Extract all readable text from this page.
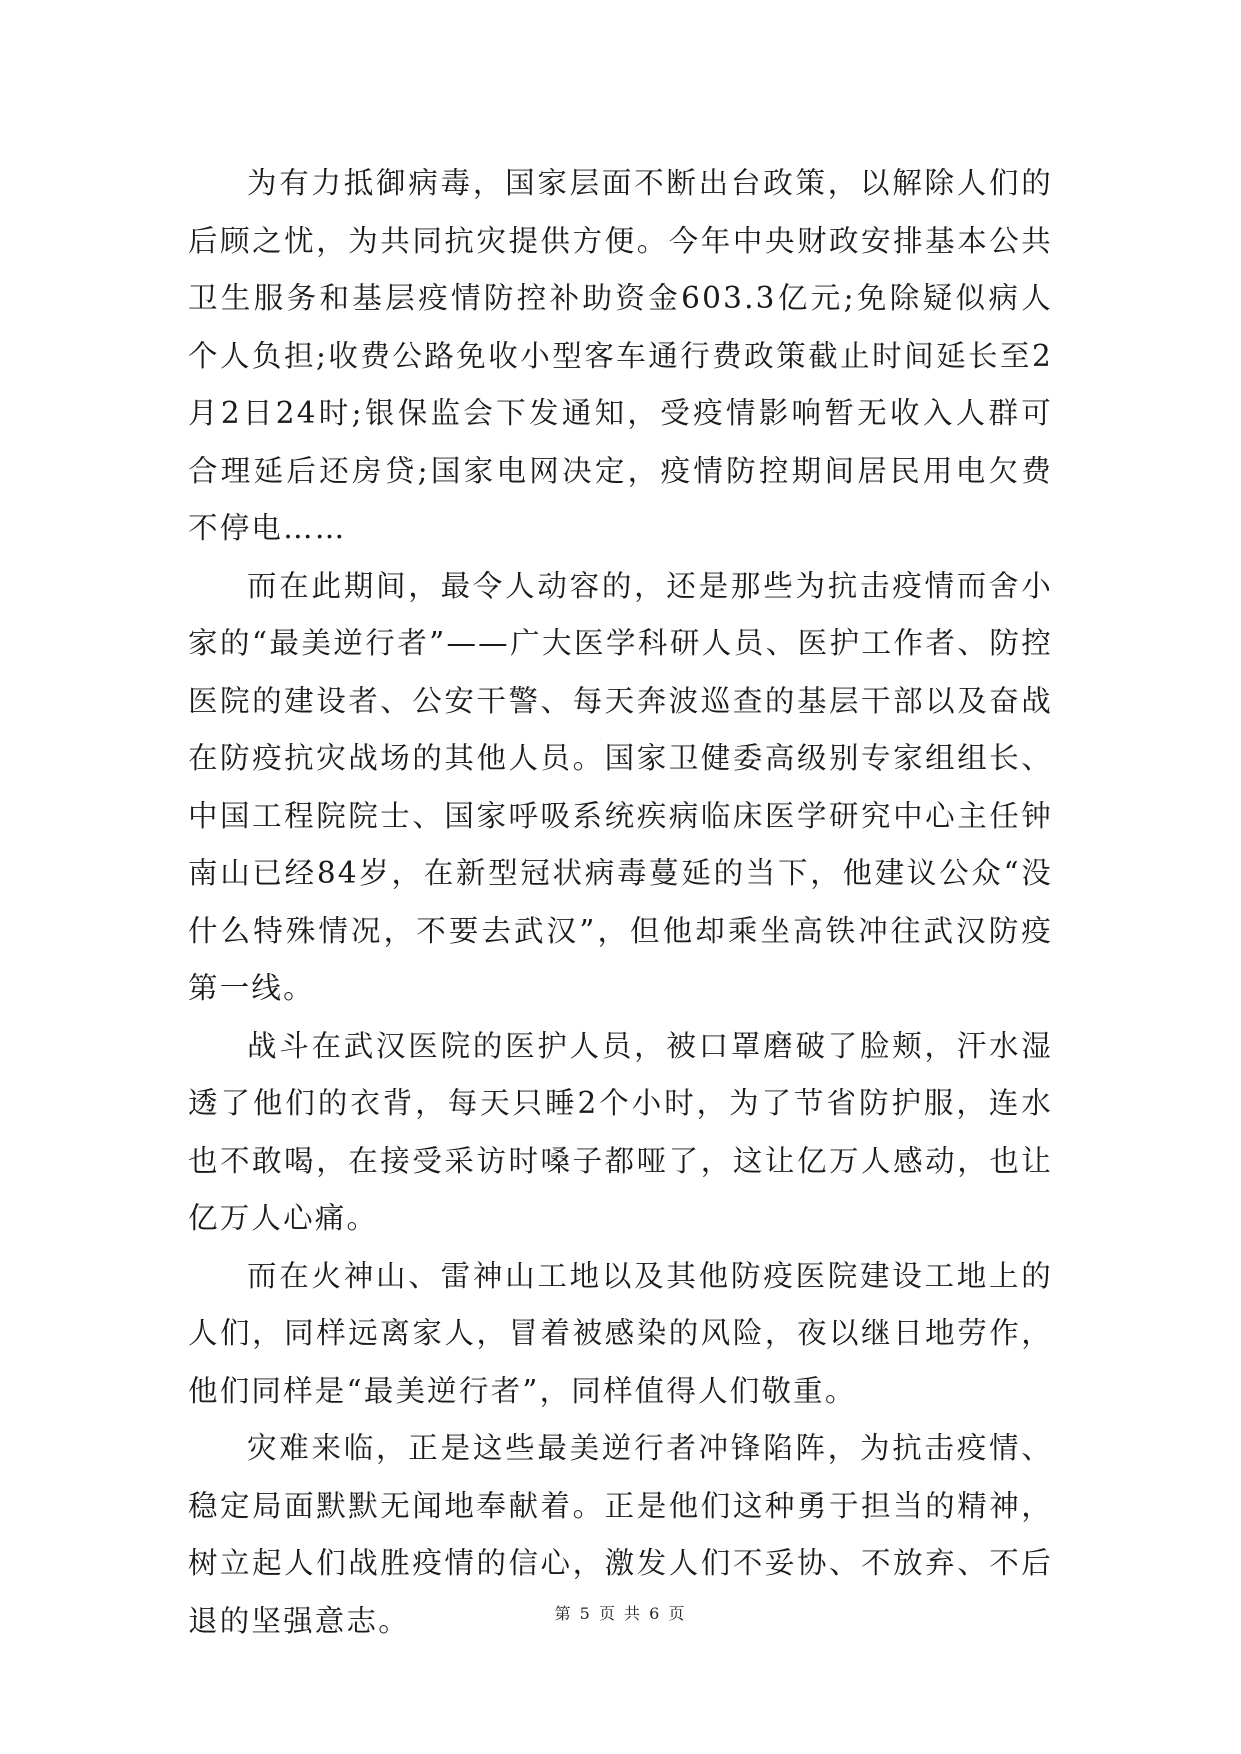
为有力抵御病毒，国家层面不断出台政策，以解除人们的后顾之忧，为共同抗灾提供方便。今年中央财政安排基本公共卫生服务和基层疫情防控补助资金603.3亿元;免除疑似病人个人负担;收费公路免收小型客车通行费政策截止时间延长至2月2日24时;银保监会下发通知，受疫情影响暂无收入人群可合理延后还房贷;国家电网决定，疫情防控期间居民用电欠费不停电……

而在此期间，最令人动容的，还是那些为抗击疫情而舍小家的“最美逆行者”——广大医学科研人员、医护工作者、防控医院的建设者、公安干警、每天奔波巡查的基层干部以及奋战在防疫抗灾战场的其他人员。国家卫健委高级别专家组组长、中国工程院院士、国家呼吸系统疾病临床医学研究中心主任钟南山已经84岁，在新型冠状病毒蔓延的当下，他建议公众“没什么特殊情况，不要去武汉”，但他却乘坐高铁冲往武汉防疫第一线。

战斗在武汉医院的医护人员，被口罩磨破了脸颊，汗水湿透了他们的衣背，每天只睡2个小时，为了节省防护服，连水也不敢喝，在接受采访时嗓子都哑了，这让亿万人感动，也让亿万人心痛。

而在火神山、雷神山工地以及其他防疫医院建设工地上的人们，同样远离家人，冒着被感染的风险，夜以继日地劳作，他们同样是“最美逆行者”，同样值得人们敬重。

灾难来临，正是这些最美逆行者冲锋陷阵，为抗击疫情、稳定局面默默无闻地奉献着。正是他们这种勇于担当的精神，树立起人们战胜疫情的信心，激发人们不妥协、不放弃、不后退的坚强意志。	第 5 页 共 6 页
